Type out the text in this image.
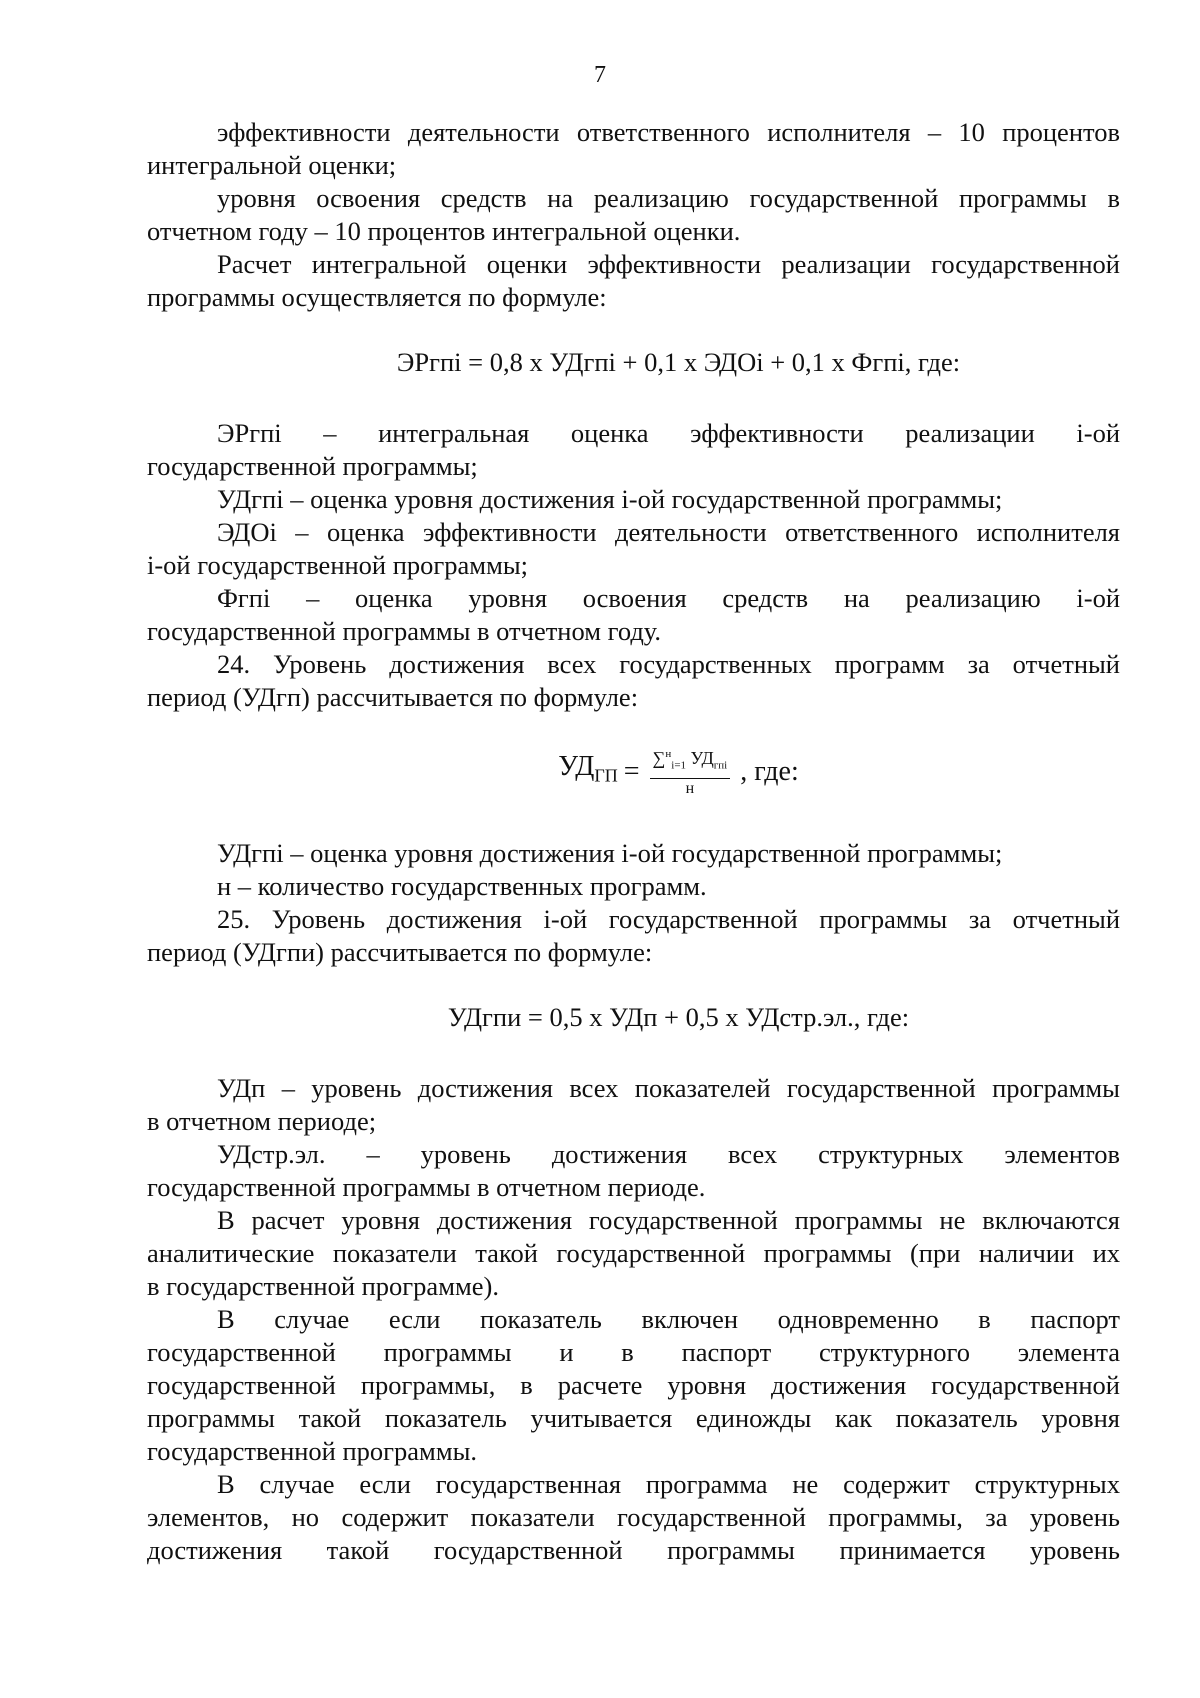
7

эффективности деятельности ответственного исполнителя – 10 процентов

интегральной оценки;

уровня освоения средств на реализацию государственной программы в

отчетном году – 10 процентов интегральной оценки.

Расчет интегральной оценки эффективности реализации государственной

программы осуществляется по формуле:

ЭРгпi = 0,8 х УДгпi + 0,1 х ЭДОi + 0,1 х Фгпi, где:

ЭРгпi – интегральная оценка эффективности реализации i-ой

государственной программы;

УДгпi – оценка уровня достижения i-ой государственной программы;

ЭДОi – оценка эффективности деятельности ответственного исполнителя

i-ой государственной программы;

Фгпi – оценка уровня освоения средств на реализацию i-ой

государственной программы в отчетном году.

24. Уровень достижения всех государственных программ за отчетный

период (УДгп) рассчитывается по формуле:

$УД_{ГП} = \frac{\sum^н_{i=1} УД_{гпi}}{н}$ , где:

УДгпi – оценка уровня достижения i-ой государственной программы;

н – количество государственных программ.

25. Уровень достижения i-ой государственной программы за отчетный

период (УДгпи) рассчитывается по формуле:

УДгпи = 0,5 х УДп + 0,5 х УДстр.эл., где:

УДп – уровень достижения всех показателей государственной программы

в отчетном периоде;

УДстр.эл. – уровень достижения всех структурных элементов

государственной программы в отчетном периоде.

В расчет уровня достижения государственной программы не включаются

аналитические показатели такой государственной программы (при наличии их

в государственной программе).

В случае если показатель включен одновременно в паспорт

государственной программы и в паспорт структурного элемента

государственной программы, в расчете уровня достижения государственной

программы такой показатель учитывается единожды как показатель уровня

государственной программы.

В случае если государственная программа не содержит структурных

элементов, но содержит показатели государственной программы, за уровень

достижения такой государственной программы принимается уровень
